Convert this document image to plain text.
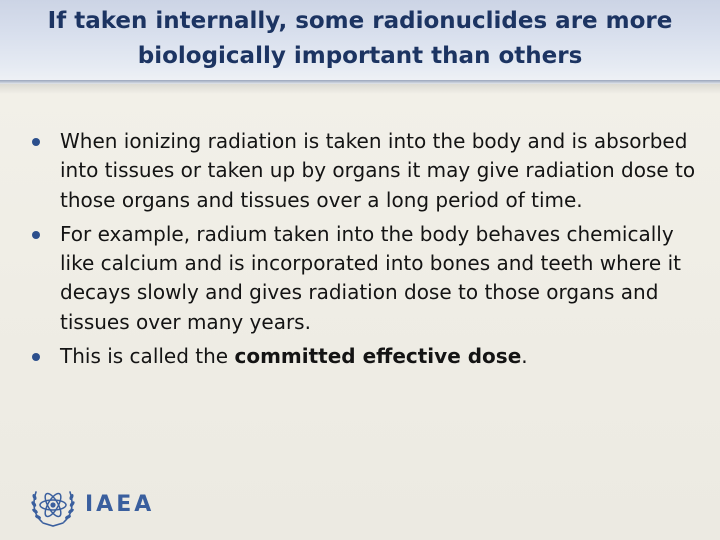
If taken internally, some radionuclides are more
biologically important than others
When ionizing radiation is taken into the body and is absorbed into tissues or taken up by organs it may give radiation dose to those organs and tissues over a long period of time.
For example, radium taken into the body behaves chemically like calcium and is incorporated into bones and teeth where it decays slowly and gives radiation dose to those organs and tissues over many years.
This is called the committed effective dose.
IAEA
